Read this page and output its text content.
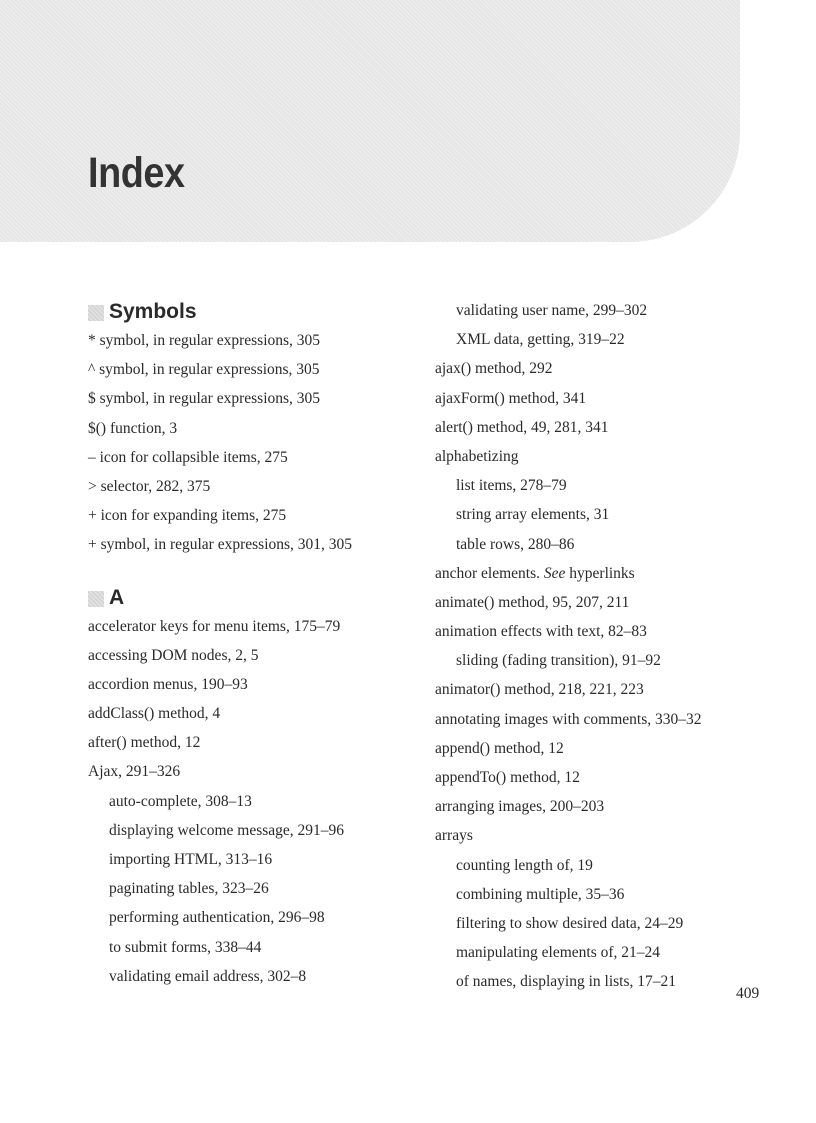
Index
Symbols
* symbol, in regular expressions, 305
^ symbol, in regular expressions, 305
$ symbol, in regular expressions, 305
$() function, 3
– icon for collapsible items, 275
> selector, 282, 375
+ icon for expanding items, 275
+ symbol, in regular expressions, 301, 305
A
accelerator keys for menu items, 175–79
accessing DOM nodes, 2, 5
accordion menus, 190–93
addClass() method, 4
after() method, 12
Ajax, 291–326
auto-complete, 308–13
displaying welcome message, 291–96
importing HTML, 313–16
paginating tables, 323–26
performing authentication, 296–98
to submit forms, 338–44
validating email address, 302–8
validating user name, 299–302
XML data, getting, 319–22
ajax() method, 292
ajaxForm() method, 341
alert() method, 49, 281, 341
alphabetizing
list items, 278–79
string array elements, 31
table rows, 280–86
anchor elements. See hyperlinks
animate() method, 95, 207, 211
animation effects with text, 82–83
sliding (fading transition), 91–92
animator() method, 218, 221, 223
annotating images with comments, 330–32
append() method, 12
appendTo() method, 12
arranging images, 200–203
arrays
counting length of, 19
combining multiple, 35–36
filtering to show desired data, 24–29
manipulating elements of, 21–24
of names, displaying in lists, 17–21
409
